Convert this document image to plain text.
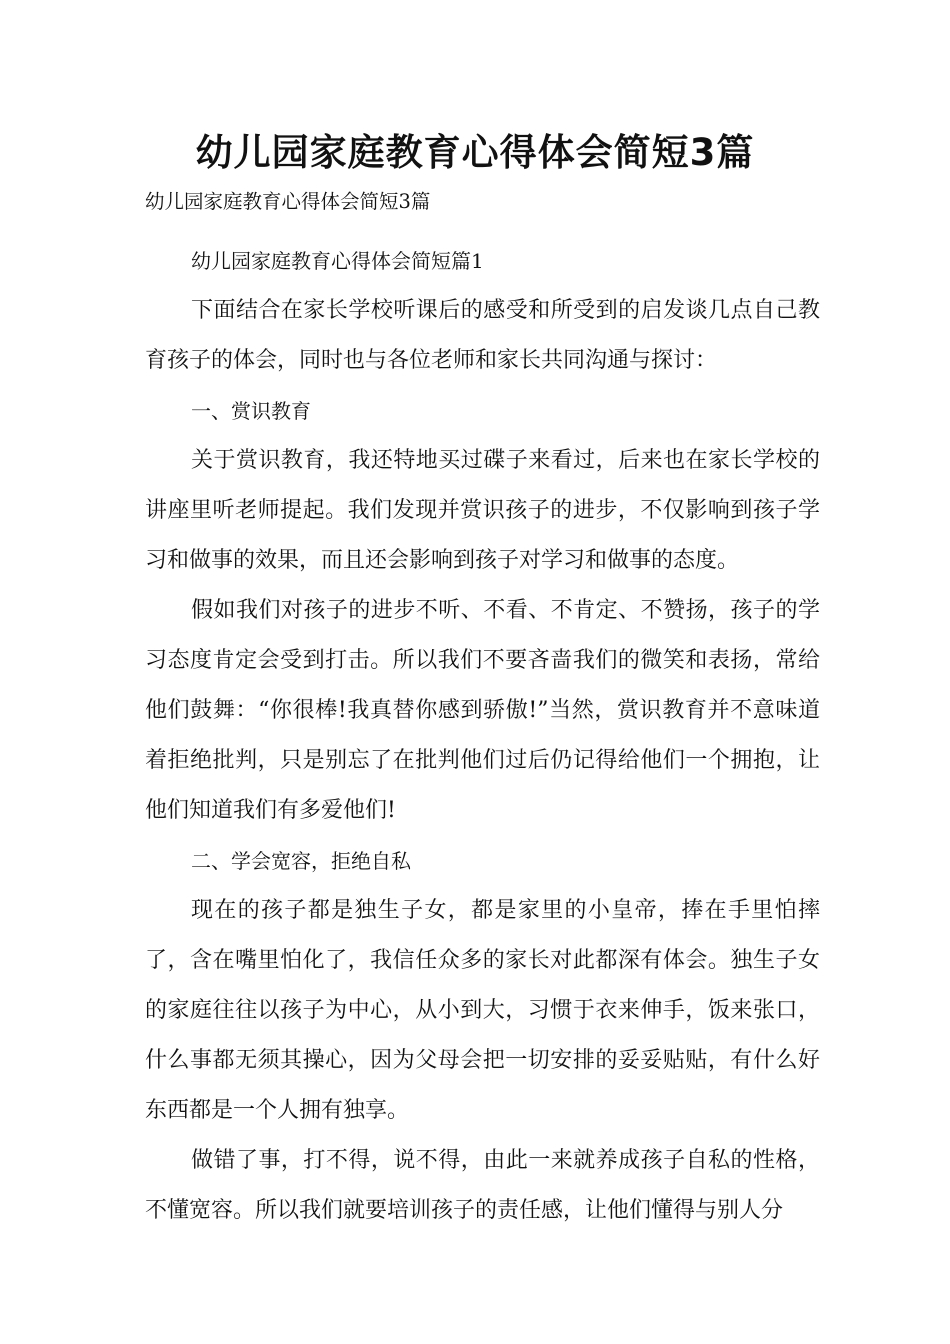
幼儿园家庭教育心得体会简短3篇

幼儿园家庭教育心得体会简短3篇

幼儿园家庭教育心得体会简短篇1

下面结合在家长学校听课后的感受和所受到的启发谈几点自己教育孩子的体会，同时也与各位老师和家长共同沟通与探讨：

一、赏识教育

关于赏识教育，我还特地买过碟子来看过，后来也在家长学校的讲座里听老师提起。我们发现并赏识孩子的进步，不仅影响到孩子学习和做事的效果，而且还会影响到孩子对学习和做事的态度。

假如我们对孩子的进步不听、不看、不肯定、不赞扬，孩子的学习态度肯定会受到打击。所以我们不要吝啬我们的微笑和表扬，常给他们鼓舞：“你很棒!我真替你感到骄傲!”当然，赏识教育并不意味道着拒绝批判，只是别忘了在批判他们过后仍记得给他们一个拥抱，让他们知道我们有多爱他们!

二、学会宽容，拒绝自私

现在的孩子都是独生子女，都是家里的小皇帝，捧在手里怕摔了，含在嘴里怕化了，我信任众多的家长对此都深有体会。独生子女的家庭往往以孩子为中心，从小到大，习惯于衣来伸手，饭来张口，什么事都无须其操心，因为父母会把一切安排的妥妥贴贴，有什么好东西都是一个人拥有独享。

做错了事，打不得，说不得，由此一来就养成孩子自私的性格，不懂宽容。所以我们就要培训孩子的责任感，让他们懂得与别人分
